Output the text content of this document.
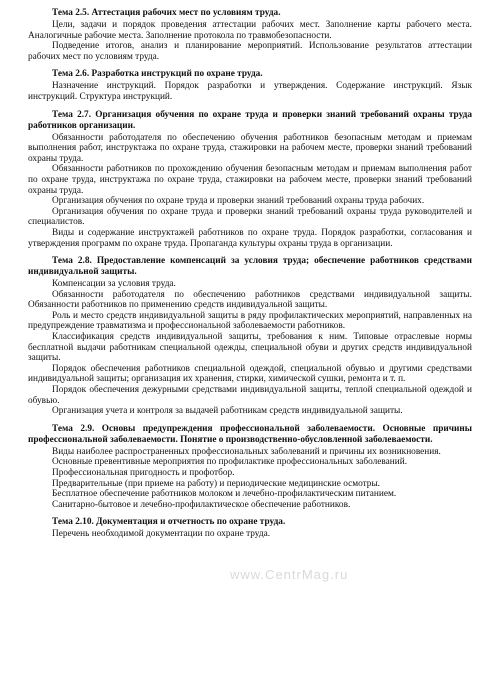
Тема 2.5. Аттестация рабочих мест по условиям труда.

Цели, задачи и порядок проведения аттестации рабочих мест. Заполнение карты рабочего места. Аналогичные рабочие места. Заполнение протокола по травмобезопасности.

Подведение итогов, анализ и планирование мероприятий. Использование результатов аттестации рабочих мест по условиям труда.

Тема 2.6. Разработка инструкций по охране труда.

Назначение инструкций. Порядок разработки и утверждения. Содержание инструкций. Язык инструкций. Структура инструкций.

Тема 2.7. Организация обучения по охране труда и проверки знаний требований охраны труда работников организации.

Обязанности работодателя по обеспечению обучения работников безопасным методам и приемам выполнения работ, инструктажа по охране труда, стажировки на рабочем месте, проверки знаний требований охраны труда.

Обязанности работников по прохождению обучения безопасным методам и приемам выполнения работ по охране труда, инструктажа по охране труда, стажировки на рабочем месте, проверки знаний требований охраны труда.

Организация обучения по охране труда и проверки знаний требований охраны труда рабочих.

Организация обучения по охране труда и проверки знаний требований охраны труда руководителей и специалистов.

Виды и содержание инструктажей работников по охране труда. Порядок разработки, согласования и утверждения программ по охране труда. Пропаганда культуры охраны труда в организации.

Тема 2.8. Предоставление компенсаций за условия труда; обеспечение работников средствами индивидуальной защиты.

Компенсации за условия труда.

Обязанности работодателя по обеспечению работников средствами индивидуальной защиты. Обязанности работников по применению средств индивидуальной защиты.

Роль и место средств индивидуальной защиты в ряду профилактических мероприятий, направленных на предупреждение травматизма и профессиональной заболеваемости работников.

Классификация средств индивидуальной защиты, требования к ним. Типовые отраслевые нормы бесплатной выдачи работникам специальной одежды, специальной обуви и других средств индивидуальной защиты.

Порядок обеспечения работников специальной одеждой, специальной обувью и другими средствами индивидуальной защиты; организация их хранения, стирки, химической сушки, ремонта и т. п.

Порядок обеспечения дежурными средствами индивидуальной защиты, теплой специальной одеждой и обувью.

Организация учета и контроля за выдачей работникам средств индивидуальной защиты.

Тема 2.9. Основы предупреждения профессиональной заболеваемости. Основные причины профессиональной заболеваемости. Понятие о производственно-обусловленной заболеваемости.

Виды наиболее распространенных профессиональных заболеваний и причины их возникновения.

Основные превентивные мероприятия по профилактике профессиональных заболеваний.

Профессиональная пригодность и профотбор.

Предварительные (при приеме на работу) и периодические медицинские осмотры.

Бесплатное обеспечение работников молоком и лечебно-профилактическим питанием.

Санитарно-бытовое и лечебно-профилактическое обеспечение работников.

Тема 2.10. Документация и отчетность по охране труда.

Перечень необходимой документации по охране труда.

www.CentrMag.ru
